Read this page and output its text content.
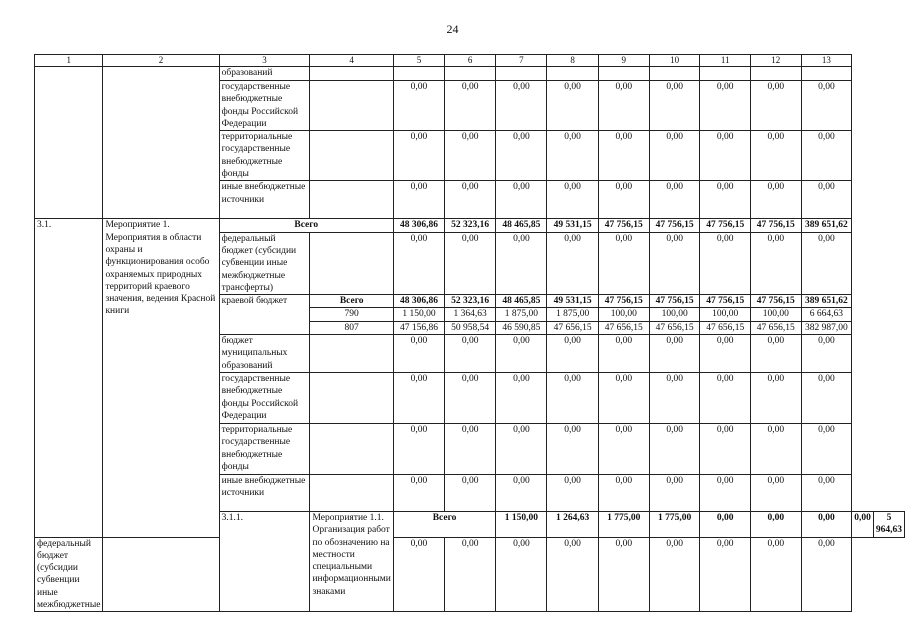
24
1	2	3	4	5	6	7	8	9	10	11	12	13		
		образований												
		государственные внебюджетные фонды Российской Федерации		0,00	0,00	0,00	0,00	0,00	0,00	0,00	0,00	0,00		
		территориальные государственные внебюджетные фонды		0,00	0,00	0,00	0,00	0,00	0,00	0,00	0,00	0,00		
		иные внебюджетные источники		0,00	0,00	0,00	0,00	0,00	0,00	0,00	0,00	0,00		
3.1.	Мероприятие 1. Мероприятия в области охраны и функционирования особо охраняемых природных территорий краевого значения, ведения Красной книги	Всего		48 306,86	52 323,16	48 465,85	49 531,15	47 756,15	47 756,15	47 756,15	47 756,15	389 651,62		
		федеральный бюджет (субсидии субвенции иные межбюджетные трансферты)		0,00	0,00	0,00	0,00	0,00	0,00	0,00	0,00	0,00		
		краевой бюджет	Всего	48 306,86	52 323,16	48 465,85	49 531,15	47 756,15	47 756,15	47 756,15	47 756,15	389 651,62		
			790	1 150,00	1 364,63	1 875,00	1 875,00	100,00	100,00	100,00	100,00	6 664,63		
			807	47 156,86	50 958,54	46 590,85	47 656,15	47 656,15	47 656,15	47 656,15	47 656,15	382 987,00		
		бюджет муниципальных образований		0,00	0,00	0,00	0,00	0,00	0,00	0,00	0,00	0,00		
		государственные внебюджетные фонды Российской Федерации		0,00	0,00	0,00	0,00	0,00	0,00	0,00	0,00	0,00		
		территориальные государственные внебюджетные фонды		0,00	0,00	0,00	0,00	0,00	0,00	0,00	0,00	0,00		
		иные внебюджетные источники		0,00	0,00	0,00	0,00	0,00	0,00	0,00	0,00	0,00		
		3.1.1.	Мероприятие 1.1. Организация работ по обозначению на местности специальными информационными знаками	Всего		1 150,00	1 264,63	1 775,00	1 775,00	0,00	0,00	0,00	0,00	5 964,63
федеральный бюджет (субсидии субвенции иные межбюджетные				0,00	0,00	0,00	0,00	0,00	0,00	0,00	0,00	0,00		
